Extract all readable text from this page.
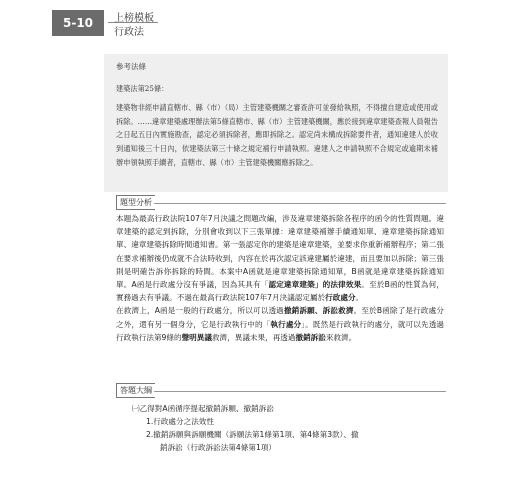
5-10	上榜模板
行政法
參考法條
建築法第25條：
建築物非經申請直轄市、縣（市）（局）主管建築機關之審查許可並發給執照，不得擅自建造或使用或拆除。……違章建築處理辦法第5條直轄市、縣（市）主管建築機關，應於接到違章建築查報人員報告之日起五日內實施勘查，認定必須拆除者，應即拆除之。認定尚未構成拆除要件者，通知違建人於收到通知後三十日內，依建築法第三十條之規定補行申請執照。違建人之申請執照不合規定或逾期未補辦申領執照手續者，直轄市、縣（市）主管建築機關應拆除之。
題型分析

本題為最高行政法院107年7月決議之問題改編，涉及違章建築拆除各程序的函令的性質問題。違章建築的認定到拆除，分別會收到以下三張單據：違章建築補辦手續通知單、違章建築拆除通知單、違章建築拆除時間通知書。第一張認定你的建築是違章建築，並要求你重新補辦程序；第二張在要求補辦後仍成就不合法時收到，內容在於再次認定該違建屬於違建，而且要加以拆除；第三張則是明確告訴你拆除的時間。本案中A函就是違章建築拆除通知單，B函就是違章建築拆除通知單。A函是行政處分沒有爭議，因為其具有「認定違章建築」的法律效果。至於B函的性質為何，實務過去有爭議。不過在最高行政法院107年7月決議認定屬於行政處分。

在救濟上，A函是一般的行政處分，所以可以透過撤銷訴願、訴訟救濟。至於B函除了是行政處分之外，還有另一個身分，它是行政執行中的「執行處分」。既然是行政執行的處分，就可以先透過行政執行法第9條的聲明異議救濟，異議未果，再透過撤銷訴訟來救濟。

答題大綱
㈠乙得對A函循序提起撤銷訴願、撤銷訴訟
1.行政處分之法效性
2.撤銷訴願與訴願機關（訴願法第1條第1項、第4條第3款）、撤
銷訴訟（行政訴訟法第4條第1項）
